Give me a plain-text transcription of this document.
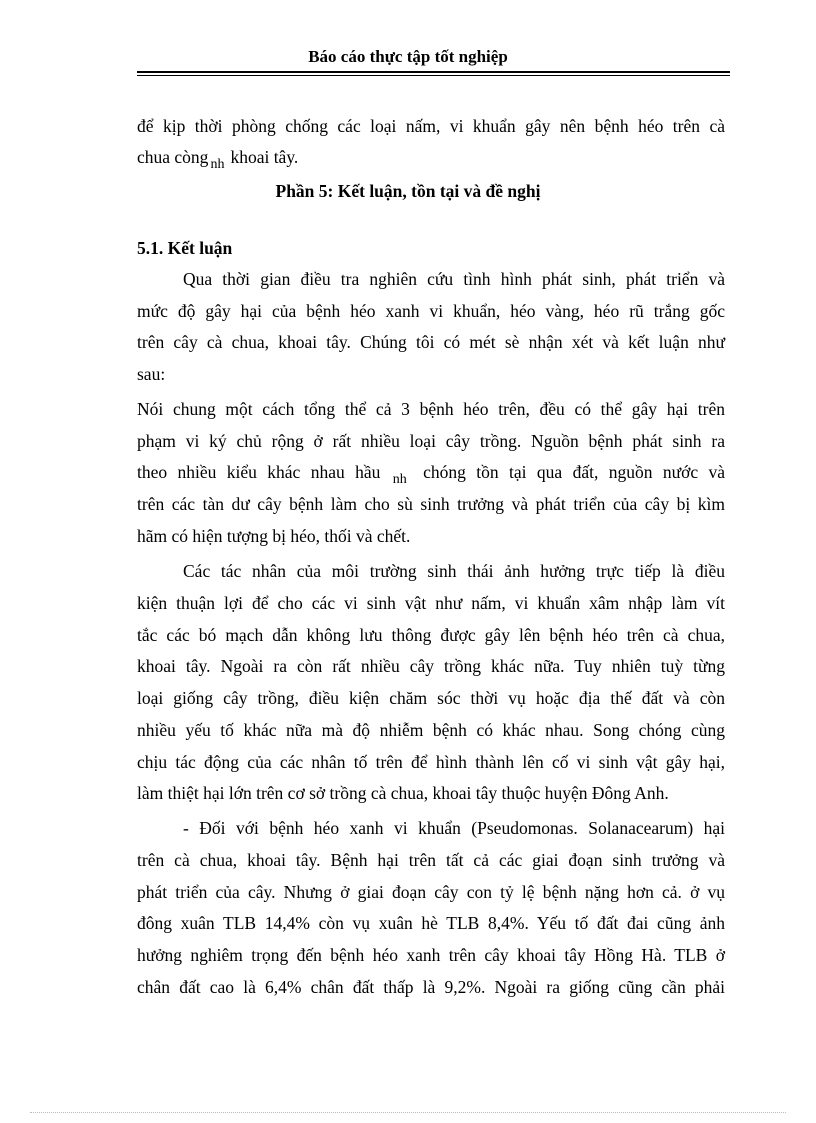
Báo cáo thực tập tốt nghiệp
để kịp thời phòng chống các loại nấm, vi khuẩn gây nên bệnh héo trên cà
chua còng $_{nh}$ khoai tây.
Phần 5: Kết luận, tồn tại và đề nghị
5.1. Kết luận
Qua thời gian điều tra nghiên cứu tình hình phát sinh, phát triển và
mức độ gây hại của bệnh héo xanh vi khuẩn, héo vàng, héo rũ trắng gốc
trên cây cà chua, khoai tây. Chúng tôi có mét sè nhận xét và kết luận như
sau:
Nói chung một cách tổng thể cả 3 bệnh héo trên, đều có thể gây hại trên
phạm vi ký chủ rộng ở rất nhiều loại cây trồng. Nguồn bệnh phát sinh ra
theo nhiều kiểu khác nhau hầu $_{nh}$ chóng tồn tại qua đất, nguồn nước và
trên các tàn dư cây bệnh làm cho sù sinh trưởng và phát triển của cây bị kìm
hãm có hiện tượng bị héo, thối và chết.
Các tác nhân của môi trường sinh thái ảnh hưởng trực tiếp là điều
kiện thuận lợi để cho các vi sinh vật như nấm, vi khuẩn xâm nhập làm vít
tắc các bó mạch dẫn không lưu thông được gây lên bệnh héo trên cà chua,
khoai tây. Ngoài ra còn rất nhiều cây trồng khác nữa. Tuy nhiên tuỳ từng
loại giống cây trồng, điều kiện chăm sóc thời vụ hoặc địa thế đất và còn
nhiều yếu tố khác nữa mà độ nhiễm bệnh có khác nhau. Song chóng cùng
chịu tác động của các nhân tố trên để hình thành lên cố vi sinh vật gây hại,
làm thiệt hại lớn trên cơ sở trồng cà chua, khoai tây thuộc huyện Đông Anh.
- Đối với bệnh héo xanh vi khuẩn (Pseudomonas. Solanacearum) hại
trên cà chua, khoai tây. Bệnh hại trên tất cả các giai đoạn sinh trưởng và
phát triển của cây. Nhưng ở giai đoạn cây con tỷ lệ bệnh nặng hơn cả. ở vụ
đông xuân TLB 14,4% còn vụ xuân hè TLB 8,4%. Yếu tố đất đai cũng ảnh
hưởng nghiêm trọng đến bệnh héo xanh trên cây khoai tây Hồng Hà. TLB ở
chân đất cao là 6,4% chân đất thấp là 9,2%. Ngoài ra giống cũng cần phải
